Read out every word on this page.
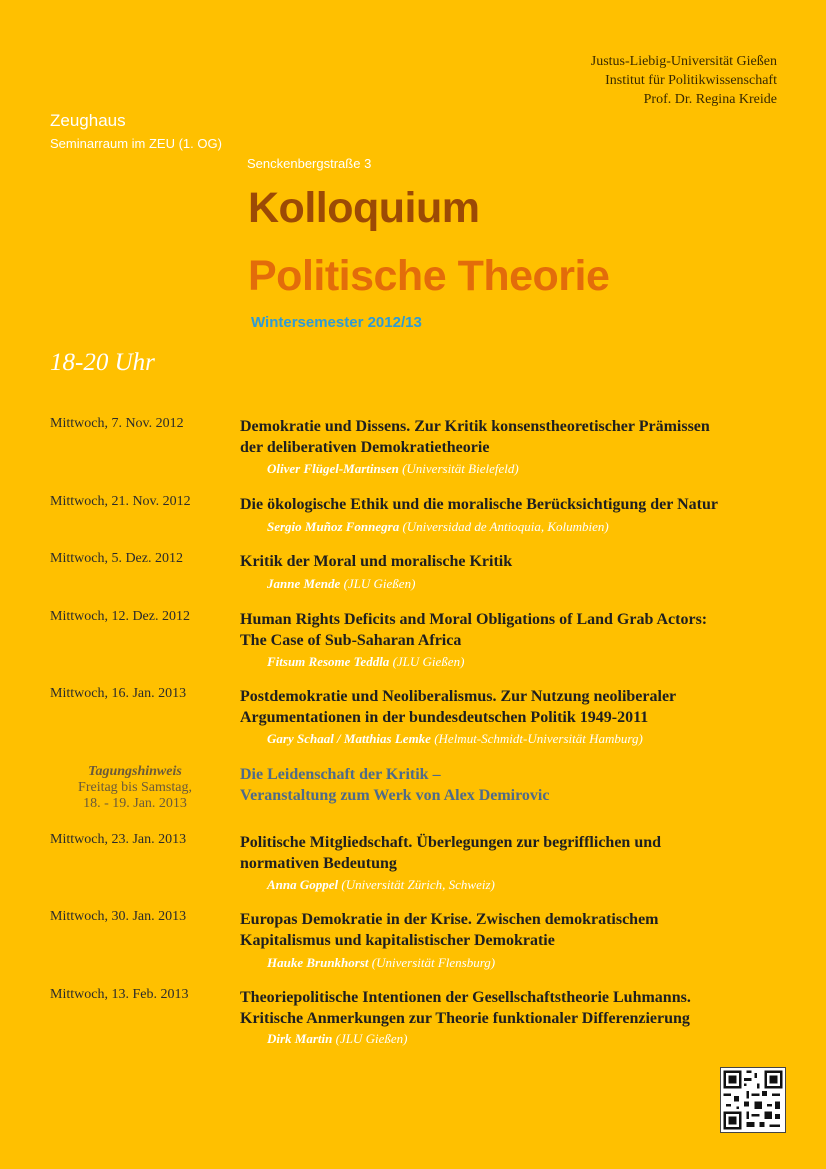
Justus-Liebig-Universität Gießen
Institut für Politikwissenschaft
Prof. Dr. Regina Kreide
Zeughaus
Seminarraum im ZEU (1. OG)
Senckenbergstraße 3
Kolloquium
Politische Theorie
Wintersemester 2012/13
18-20 Uhr
Mittwoch, 7. Nov. 2012	Demokratie und Dissens. Zur Kritik konsenstheoretischer Prämissen
der deliberativen Demokratietheorie
Oliver Flügel-Martinsen (Universität Bielefeld)
Mittwoch, 21. Nov. 2012	Die ökologische Ethik und die moralische Berücksichtigung der Natur
Sergio Muñoz Fonnegra (Universidad de Antioquia, Kolumbien)
Mittwoch, 5. Dez. 2012	Kritik der Moral und moralische Kritik
Janne Mende (JLU Gießen)
Mittwoch, 12. Dez. 2012	Human Rights Deficits and Moral Obligations of Land Grab Actors:
The Case of Sub-Saharan Africa
Fitsum Resome Teddla (JLU Gießen)
Mittwoch, 16. Jan. 2013	Postdemokratie und Neoliberalismus. Zur Nutzung neoliberaler
Argumentationen in der bundesdeutschen Politik 1949-2011
Gary Schaal / Matthias Lemke (Helmut-Schmidt-Universität Hamburg)
Tagungshinweis
Freitag bis Samstag,
18. - 19. Jan. 2013
Die Leidenschaft der Kritik –
Veranstaltung zum Werk von Alex Demirovic
Mittwoch, 23. Jan. 2013	Politische Mitgliedschaft. Überlegungen zur begrifflichen und
normativen Bedeutung
Anna Goppel (Universität Zürich, Schweiz)
Mittwoch, 30. Jan. 2013	Europas Demokratie in der Krise. Zwischen demokratischem
Kapitalismus und kapitalistischer Demokratie
Hauke Brunkhorst (Universität Flensburg)
Mittwoch, 13. Feb. 2013	Theoriepolitische Intentionen der Gesellschaftstheorie Luhmanns.
Kritische Anmerkungen zur Theorie funktionaler Differenzierung
Dirk Martin (JLU Gießen)
